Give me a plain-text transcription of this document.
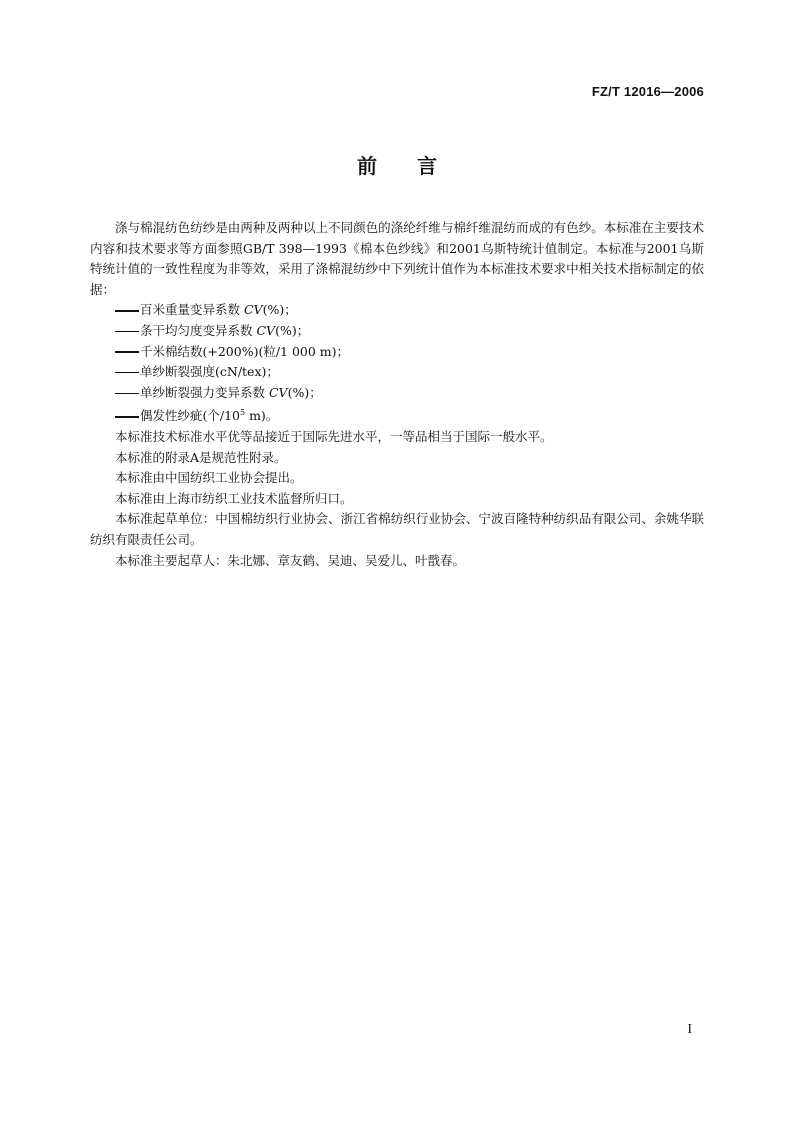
FZ/T 12016—2006
前言

涤与棉混纺色纺纱是由两种及两种以上不同颜色的涤纶纤维与棉纤维混纺而成的有色纱。本标准在主要技术内容和技术要求等方面参照GB/T 398—1993《棉本色纱线》和2001乌斯特统计值制定。本标准与2001乌斯特统计值的一致性程度为非等效，采用了涤棉混纺纱中下列统计值作为本标准技术要求中相关技术指标制定的依据：

百米重量变异系数 CV(%)；

条干均匀度变异系数 CV(%)；

千米棉结数(+200%)(粒/1 000 m)；

单纱断裂强度(cN/tex)；

单纱断裂强力变异系数 CV(%)；

偶发性纱疵(个$/10^5$ m)。

本标准技术标准水平优等品接近于国际先进水平，一等品相当于国际一般水平。

本标准的附录A是规范性附录。

本标准由中国纺织工业协会提出。

本标准由上海市纺织工业技术监督所归口。

本标准起草单位：中国棉纺织行业协会、浙江省棉纺织行业协会、宁波百隆特种纺织品有限公司、余姚华联纺织有限责任公司。

本标准主要起草人：朱北娜、章友鹤、吴迪、吴爱儿、叶戬春。

I
